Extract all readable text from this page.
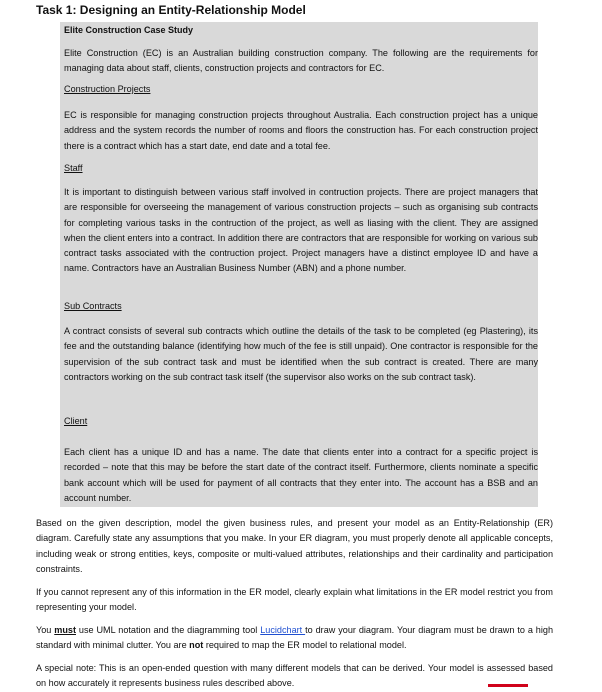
Task 1: Designing an Entity-Relationship Model
Elite Construction Case Study
Elite Construction (EC) is an Australian building construction company. The following are the requirements for managing data about staff, clients, construction projects and contractors for EC.
Construction Projects
EC is responsible for managing construction projects throughout Australia. Each construction project has a unique address and the system records the number of rooms and floors the construction has. For each construction project there is a contract which has a start date, end date and a total fee.
Staff
It is important to distinguish between various staff involved in contruction projects. There are project managers that are responsible for overseeing the management of various construction projects – such as organising sub contracts for completing various tasks in the contruction of the project, as well as liasing with the client. They are assigned when the client enters into a contract. In addition there are contractors that are responsible for working on various sub contract tasks associated with the contruction project. Project managers have a distinct employee ID and have a name. Contractors have an Australian Business Number (ABN) and a phone number.
Sub Contracts
A contract consists of several sub contracts which outline the details of the task to be completed (eg Plastering), its fee and the outstanding balance (identifying how much of the fee is still unpaid). One contractor is responsible for the supervision of the sub contract task and must be identified when the sub contract is created. There are many contractors working on the sub contract task itself (the supervisor also works on the sub contract task).
Client
Each client has a unique ID and has a name. The date that clients enter into a contract for a specific project is recorded – note that this may be before the start date of the contract itself. Furthermore, clients nominate a specific bank account which will be used for payment of all contracts that they enter into. The account has a BSB and an account number.
Based on the given description, model the given business rules, and present your model as an Entity-Relationship (ER) diagram. Carefully state any assumptions that you make. In your ER diagram, you must properly denote all applicable concepts, including weak or strong entities, keys, composite or multi-valued attributes, relationships and their cardinality and participation constraints.
If you cannot represent any of this information in the ER model, clearly explain what limitations in the ER model restrict you from representing your model.
You must use UML notation and the diagramming tool Lucidchart to draw your diagram. Your diagram must be drawn to a high standard with minimal clutter. You are not required to map the ER model to relational model.
A special note: This is an open-ended question with many different models that can be derived. Your model is assessed based on how accurately it represents business rules described above.
